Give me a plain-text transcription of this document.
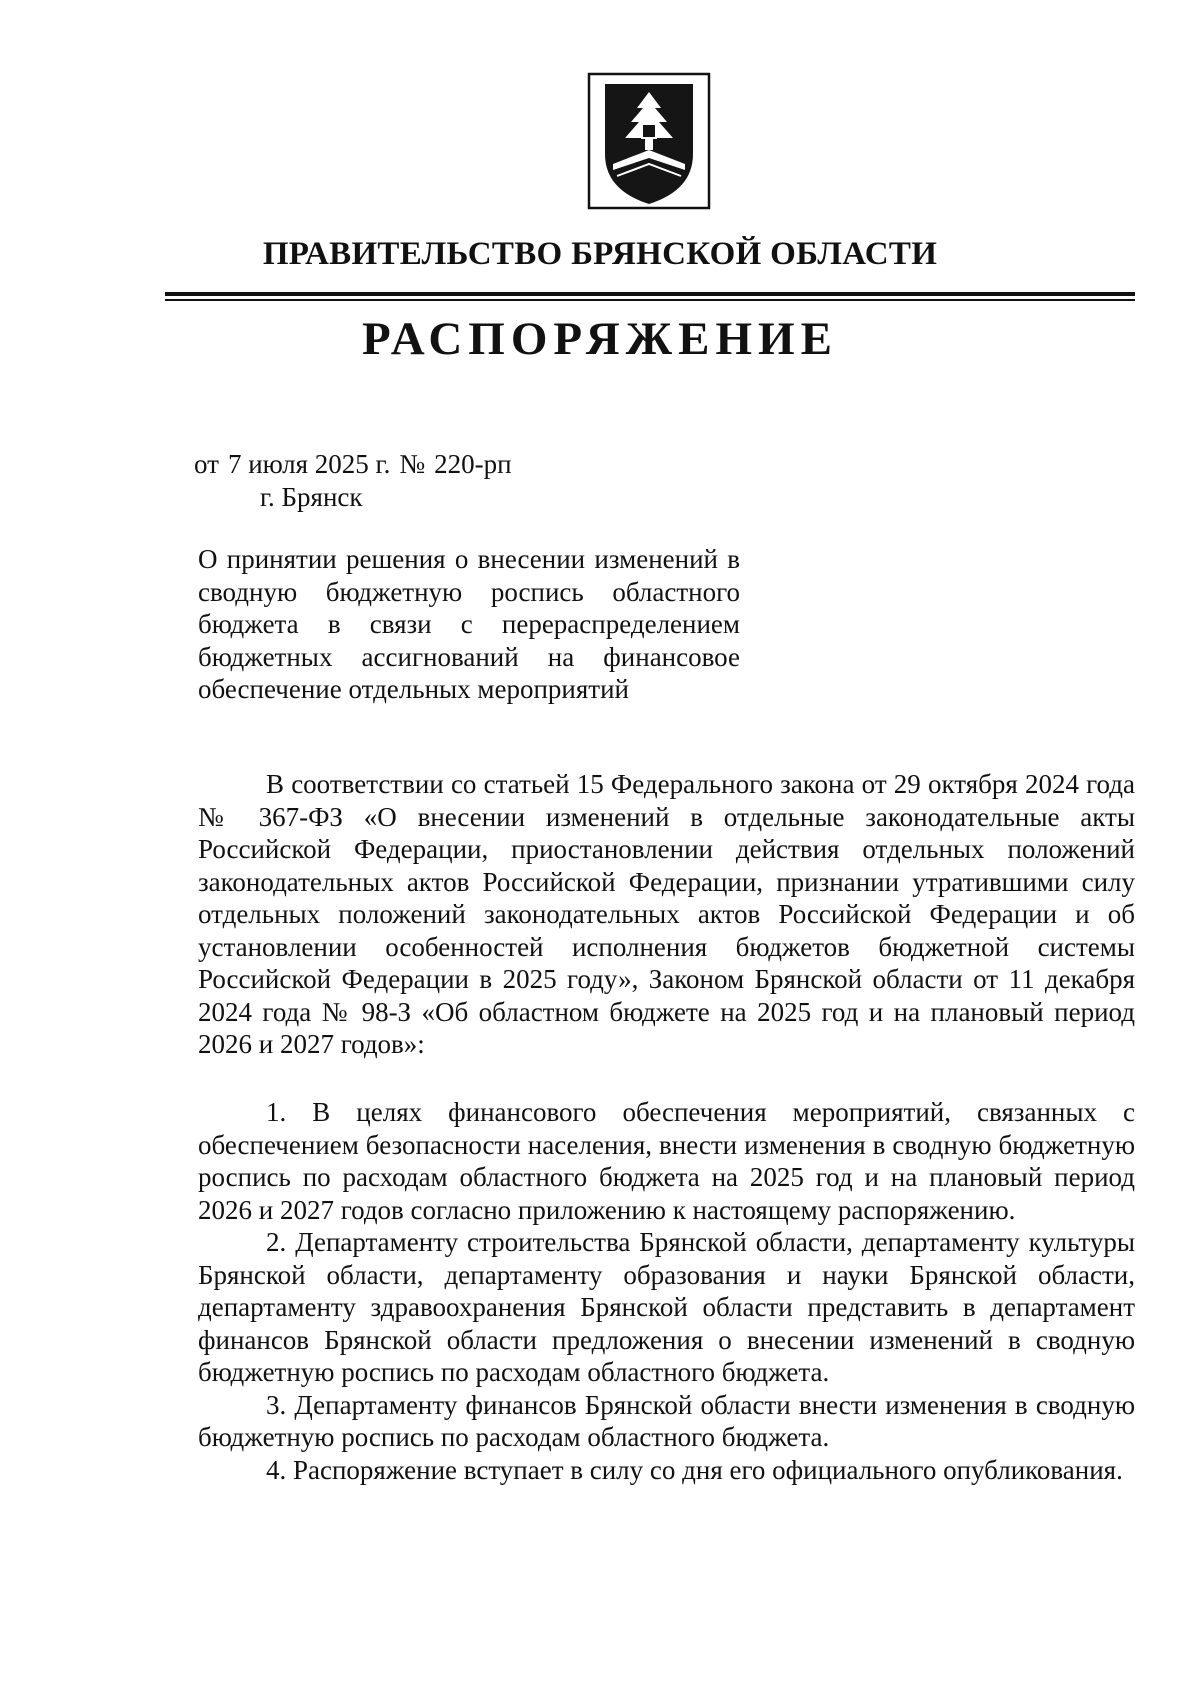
ПРАВИТЕЛЬСТВО БРЯНСКОЙ ОБЛАСТИ
РАСПОРЯЖЕНИЕ
от 7 июля 2025 г. № 220-рп
г. Брянск
О принятии решения о внесении изменений в сводную бюджетную роспись областного бюджета в связи с перераспределением бюджетных ассигнований на финансовое обеспечение отдельных мероприятий

В соответствии со статьей 15 Федерального закона от 29 октября 2024 года № 367-ФЗ «О внесении изменений в отдельные законодательные акты Российской Федерации, приостановлении действия отдельных положений законодательных актов Российской Федерации, признании утратившими силу отдельных положений законодательных актов Российской Федерации и об установлении особенностей исполнения бюджетов бюджетной системы Российской Федерации в 2025 году», Законом Брянской области от 11 декабря 2024 года № 98-З «Об областном бюджете на 2025 год и на плановый период 2026 и 2027 годов»:

1. В целях финансового обеспечения мероприятий, связанных с обеспечением безопасности населения, внести изменения в сводную бюджетную роспись по расходам областного бюджета на 2025 год и на плановый период 2026 и 2027 годов согласно приложению к настоящему распоряжению.

2. Департаменту строительства Брянской области, департаменту культуры Брянской области, департаменту образования и науки Брянской области, департаменту здравоохранения Брянской области представить в департамент финансов Брянской области предложения о внесении изменений в сводную бюджетную роспись по расходам областного бюджета.

3. Департаменту финансов Брянской области внести изменения в сводную бюджетную роспись по расходам областного бюджета.

4. Распоряжение вступает в силу со дня его официального опубликования.
